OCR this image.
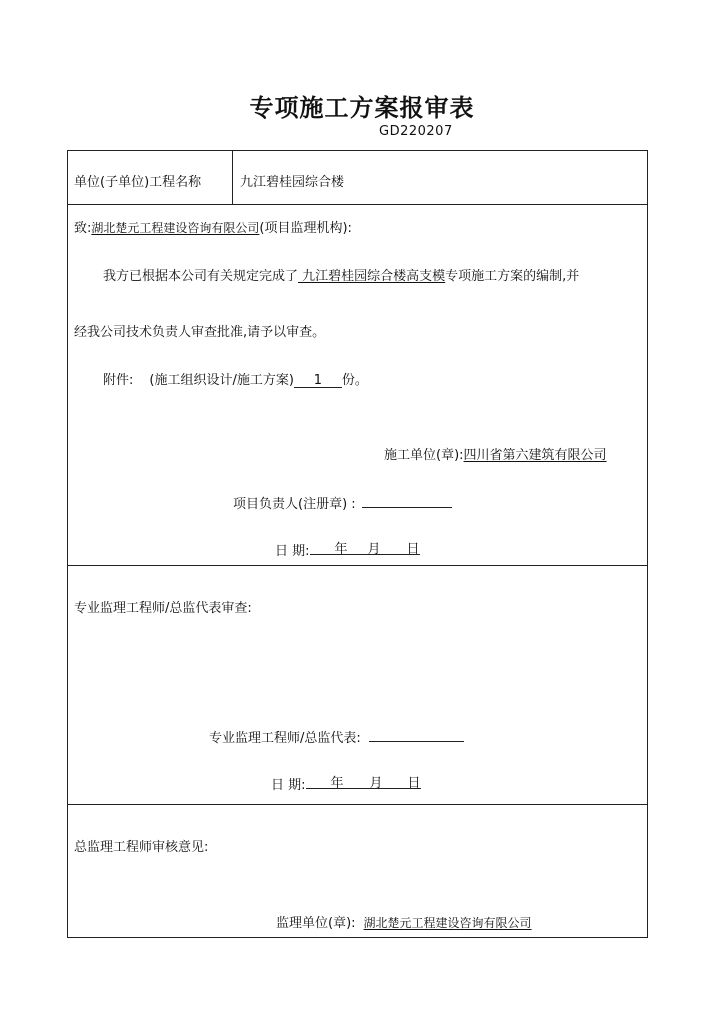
专项施工方案报审表
GD220207
单位(子单位)工程名称	九江碧桂园综合楼
致:湖北楚元工程建设咨询有限公司(项目监理机构):
我方已根据本公司有关规定完成了 九江碧桂园综合楼高支模专项施工方案的编制,并
经我公司技术负责人审查批准,请予以审查。
附件: (施工组织设计/施工方案) 1 份。
施工单位(章):四川省第六建筑有限公司
项目负责人(注册章) :
日 期: 年 月 日
专业监理工程师/总监代表审查:
专业监理工程师/总监代表:
日 期: 年 月 日
总监理工程师审核意见:
监理单位(章): 湖北楚元工程建设咨询有限公司
